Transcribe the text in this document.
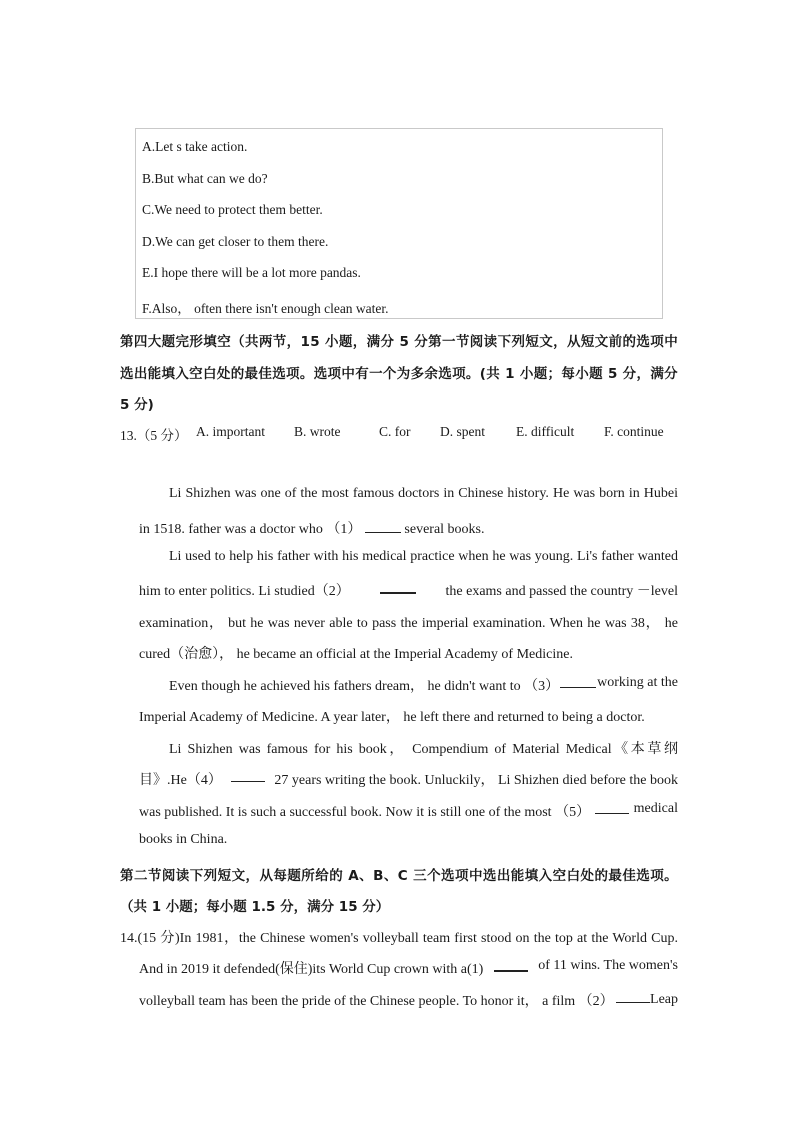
A.Let s take action.
B.But what can we do?
C.We need to protect them better.
D.We can get closer to them there.
E.I hope there will be a lot more pandas.
F.Also， often there isn't enough clean water.
第四大题完形填空（共两节，15 小题，满分 5 分第一节阅读下列短文，从短文前的选项中
选出能填入空白处的最佳选项。选项中有一个为多余选项。(共 1 小题；每小题 5 分，满分
5 分)
13.（5 分） A. important B. wrote	C. for D. spent E. difficult F. continue
Li Shizhen was one of the most famous doctors in Chinese history. He was born in Hubei
in 1518. father was a doctor who （1）	several books.
Li used to help his father with his medical practice when he was young. Li's father wanted
him to enter politics. Li studied（2）	the exams and passed the country －level
examination， but he was never able to pass the imperial examination. When he was 38， he
cured（治愈）， he became an official at the Imperial Academy of Medicine.
Even though he achieved his fathers dream， he didn't want to （3）	working at the
Imperial Academy of Medicine. A year later， he left there and returned to being a doctor.
Li Shizhen was famous for his book， Compendium of Material Medical《本草纲
目》.He（4）	27 years writing the book. Unluckily， Li Shizhen died before the book
was published. It is such a successful book. Now it is still one of the most （5）	medical
books in China.
第二节阅读下列短文，从每题所给的 A、B、C 三个选项中选出能填入空白处的最佳选项。
（共 1 小题；每小题 1.5 分，满分 15 分）
14.(15 分)In 1981，the Chinese women's volleyball team first stood on the top at the World Cup.
And in 2019 it defended(保住)its World Cup crown with a(1)	of 11 wins. The women's
volleyball team has been the pride of the Chinese people. To honor it， a film （2）	Leap
